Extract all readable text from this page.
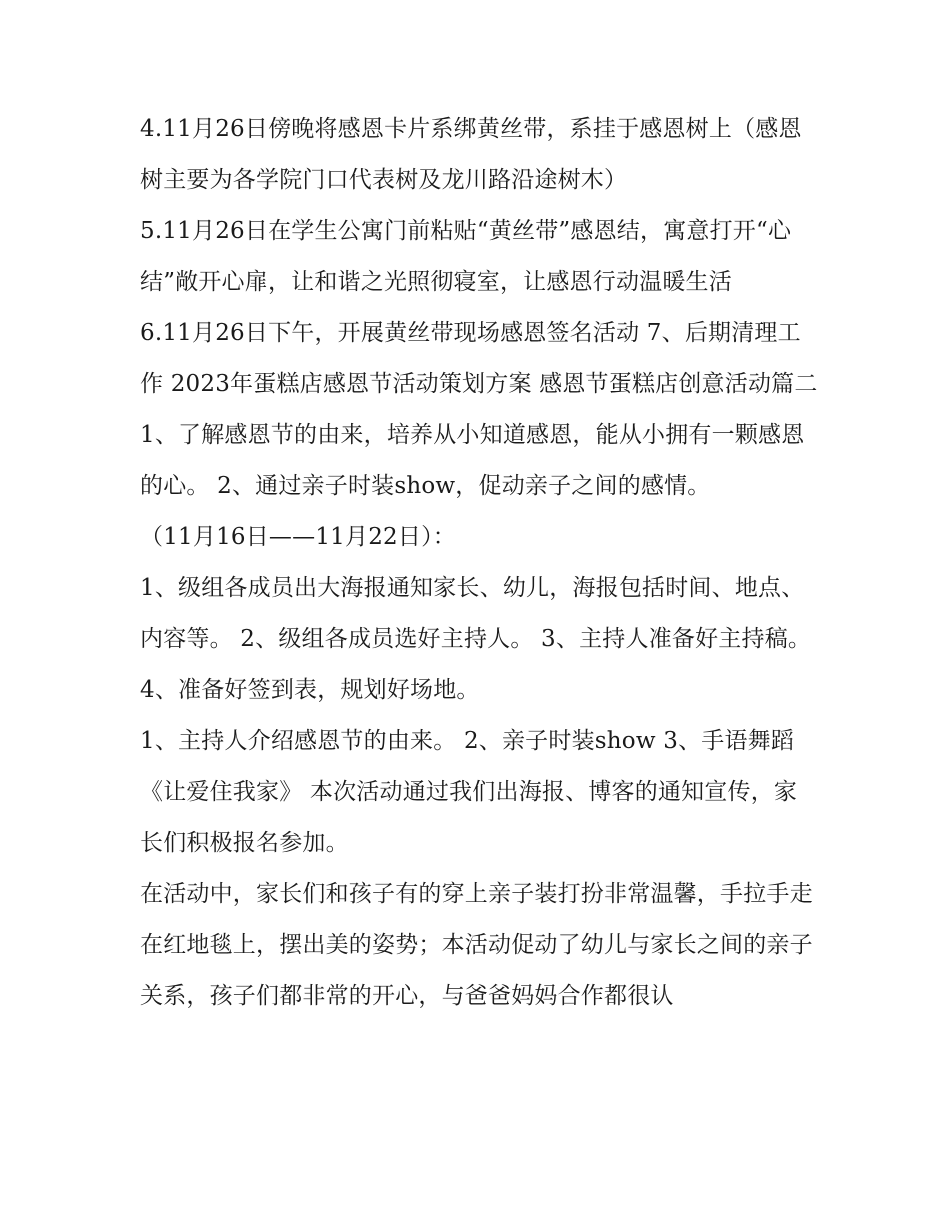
4.11月26日傍晚将感恩卡片系绑黄丝带，系挂于感恩树上（感恩树主要为各学院门口代表树及龙川路沿途树木）

5.11月26日在学生公寓门前粘贴“黄丝带”感恩结，寓意打开“心结”敞开心扉，让和谐之光照彻寝室，让感恩行动温暖生活

6.11月26日下午，开展黄丝带现场感恩签名活动 7、后期清理工作 2023年蛋糕店感恩节活动策划方案 感恩节蛋糕店创意活动篇二

1、了解感恩节的由来，培养从小知道感恩，能从小拥有一颗感恩的心。 2、通过亲子时装show，促动亲子之间的感情。

（11月16日——11月22日）：

1、级组各成员出大海报通知家长、幼儿，海报包括时间、地点、内容等。 2、级组各成员选好主持人。 3、主持人准备好主持稿。 4、准备好签到表，规划好场地。

1、主持人介绍感恩节的由来。 2、亲子时装show 3、手语舞蹈《让爱住我家》 本次活动通过我们出海报、博客的通知宣传，家长们积极报名参加。

在活动中，家长们和孩子有的穿上亲子装打扮非常温馨，手拉手走在红地毯上，摆出美的姿势；本活动促动了幼儿与家长之间的亲子关系，孩子们都非常的开心，与爸爸妈妈合作都很认
